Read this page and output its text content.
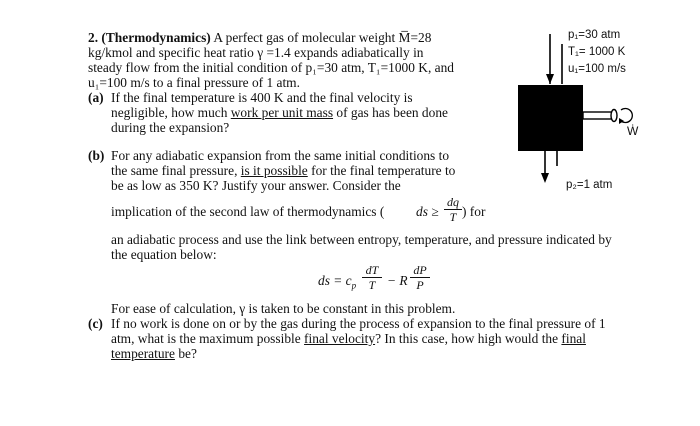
2. (Thermodynamics) A perfect gas of molecular weight M̅=28
kg/kmol and specific heat ratio γ =1.4 expands adiabatically in
steady flow from the initial condition of p₁=30 atm, T₁=1000 K, and
u₁=100 m/s to a final pressure of 1 atm.
(a) If the final temperature is 400 K and the final velocity is
negligible, how much work per unit mass of gas has been done
during the expansion?
(b) For any adiabatic expansion from the same initial conditions to
the same final pressure, is it possible for the final temperature to
be as low as 350 K? Justify your answer. Consider the
implication of the second law of thermodynamics ( ds ≥
dq
T ) for
an adiabatic process and use the link between entropy, temperature, and pressure indicated by
the equation below:
ds = $c_p$
dT
T − R
dP
P
For ease of calculation, γ is taken to be constant in this problem.
(c) If no work is done on or by the gas during the process of expansion to the final pressure of 1
atm, what is the maximum possible final velocity? In this case, how high would the final
temperature be?
p₁=30 atm
T₁= 1000 K
u₁=100 m/s
Ẇ
p₂=1 atm
